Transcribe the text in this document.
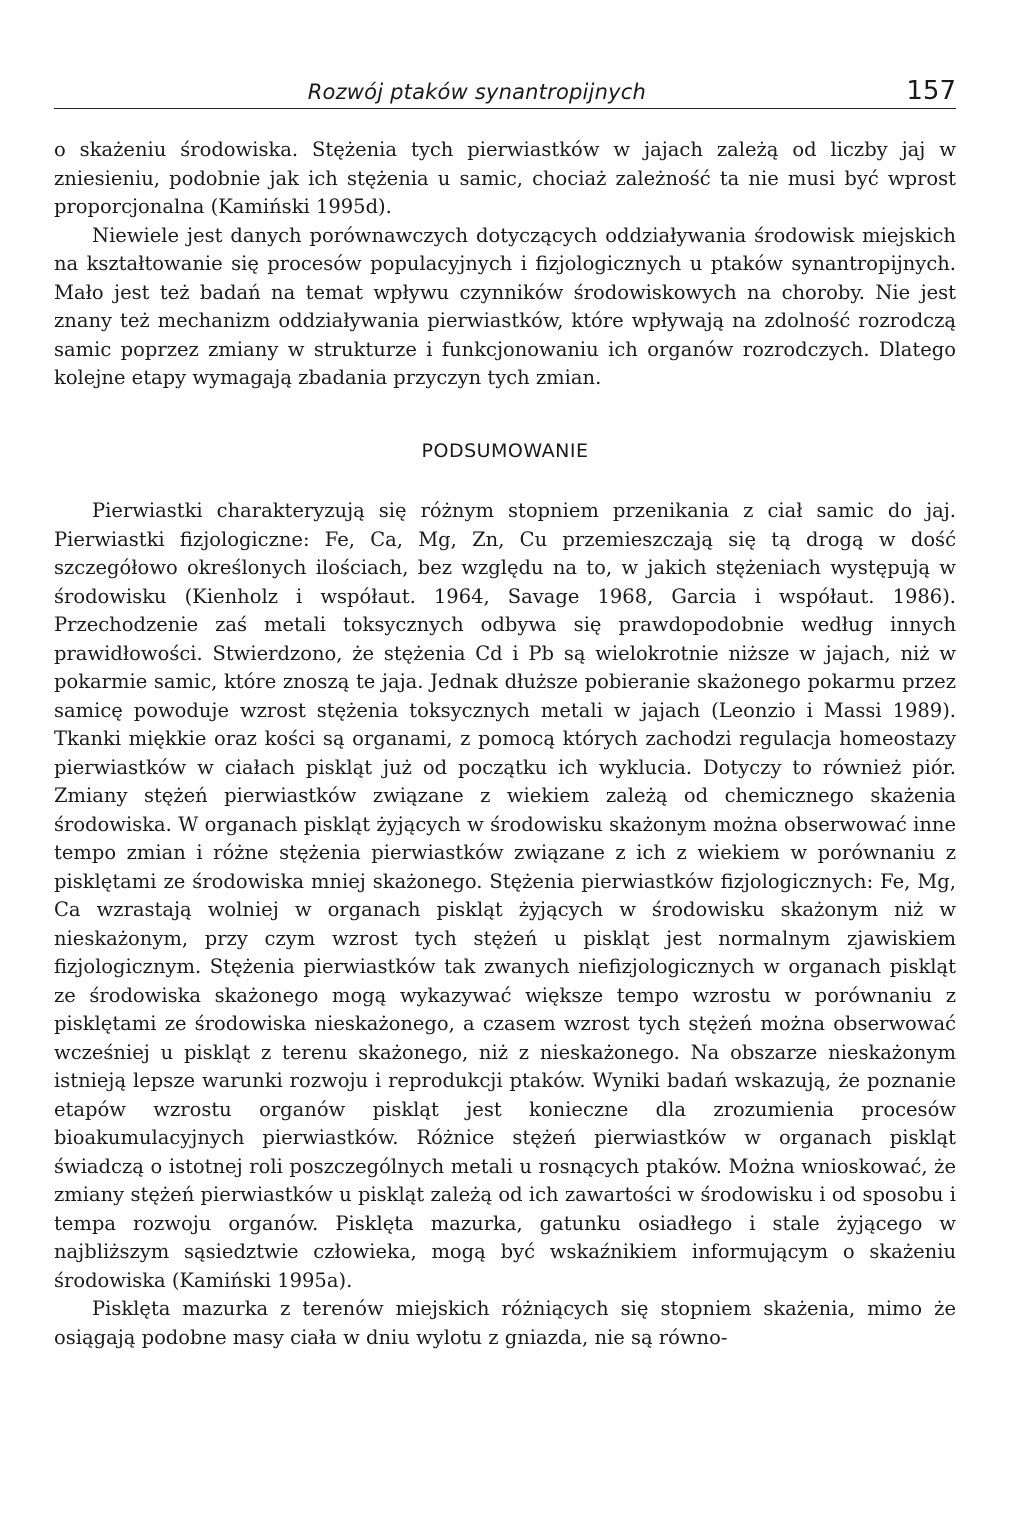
Rozwój ptaków synantropijnych	157

o skażeniu środowiska. Stężenia tych pierwiastków w jajach zależą od liczby jaj w zniesieniu, podobnie jak ich stężenia u samic, chociaż zależność ta nie musi być wprost proporcjonalna (Kamiński 1995d).

Niewiele jest danych porównawczych dotyczących oddziaływania środowisk miejskich na kształtowanie się procesów populacyjnych i fizjologicznych u ptaków synantropijnych. Mało jest też badań na temat wpływu czynników środowiskowych na choroby. Nie jest znany też mechanizm oddziaływania pierwiastków, które wpływają na zdolność rozrodczą samic poprzez zmiany w strukturze i funkcjonowaniu ich organów rozrodczych. Dlatego kolejne etapy wymagają zbadania przyczyn tych zmian.

PODSUMOWANIE

Pierwiastki charakteryzują się różnym stopniem przenikania z ciał samic do jaj. Pierwiastki fizjologiczne: Fe, Ca, Mg, Zn, Cu przemieszczają się tą drogą w dość szczegółowo określonych ilościach, bez względu na to, w jakich stężeniach występują w środowisku (Kienholz i współaut. 1964, Savage 1968, Garcia i współaut. 1986). Przechodzenie zaś metali toksycznych odbywa się prawdopodobnie według innych prawidłowości. Stwierdzono, że stężenia Cd i Pb są wielokrotnie niższe w jajach, niż w pokarmie samic, które znoszą te jaja. Jednak dłuższe pobieranie skażonego pokarmu przez samicę powoduje wzrost stężenia toksycznych metali w jajach (Leonzio i Massi 1989). Tkanki miękkie oraz kości są organami, z pomocą których zachodzi regulacja homeostazy pierwiastków w ciałach piskląt już od początku ich wyklucia. Dotyczy to również piór. Zmiany stężeń pierwiastków związane z wiekiem zależą od chemicznego skażenia środowiska. W organach piskląt żyjących w środowisku skażonym można obserwować inne tempo zmian i różne stężenia pierwiastków związane z ich z wiekiem w porównaniu z pisklętami ze środowiska mniej skażonego. Stężenia pierwiastków fizjologicznych: Fe, Mg, Ca wzrastają wolniej w organach piskląt żyjących w środowisku skażonym niż w nieskażonym, przy czym wzrost tych stężeń u piskląt jest normalnym zjawiskiem fizjologicznym. Stężenia pierwiastków tak zwanych niefizjologicznych w organach piskląt ze środowiska skażonego mogą wykazywać większe tempo wzrostu w porównaniu z pisklętami ze środowiska nieskażonego, a czasem wzrost tych stężeń można obserwować wcześniej u piskląt z terenu skażonego, niż z nieskażonego. Na obszarze nieskażonym istnieją lepsze warunki rozwoju i reprodukcji ptaków. Wyniki badań wskazują, że poznanie etapów wzrostu organów piskląt jest konieczne dla zrozumienia procesów bioakumulacyjnych pierwiastków. Różnice stężeń pierwiastków w organach piskląt świadczą o istotnej roli poszczególnych metali u rosnących ptaków. Można wnioskować, że zmiany stężeń pierwiastków u piskląt zależą od ich zawartości w środowisku i od sposobu i tempa rozwoju organów. Pisklęta mazurka, gatunku osiadłego i stale żyjącego w najbliższym sąsiedztwie człowieka, mogą być wskaźnikiem informującym o skażeniu środowiska (Kamiński 1995a).

Pisklęta mazurka z terenów miejskich różniących się stopniem skażenia, mimo że osiągają podobne masy ciała w dniu wylotu z gniazda, nie są równo-
